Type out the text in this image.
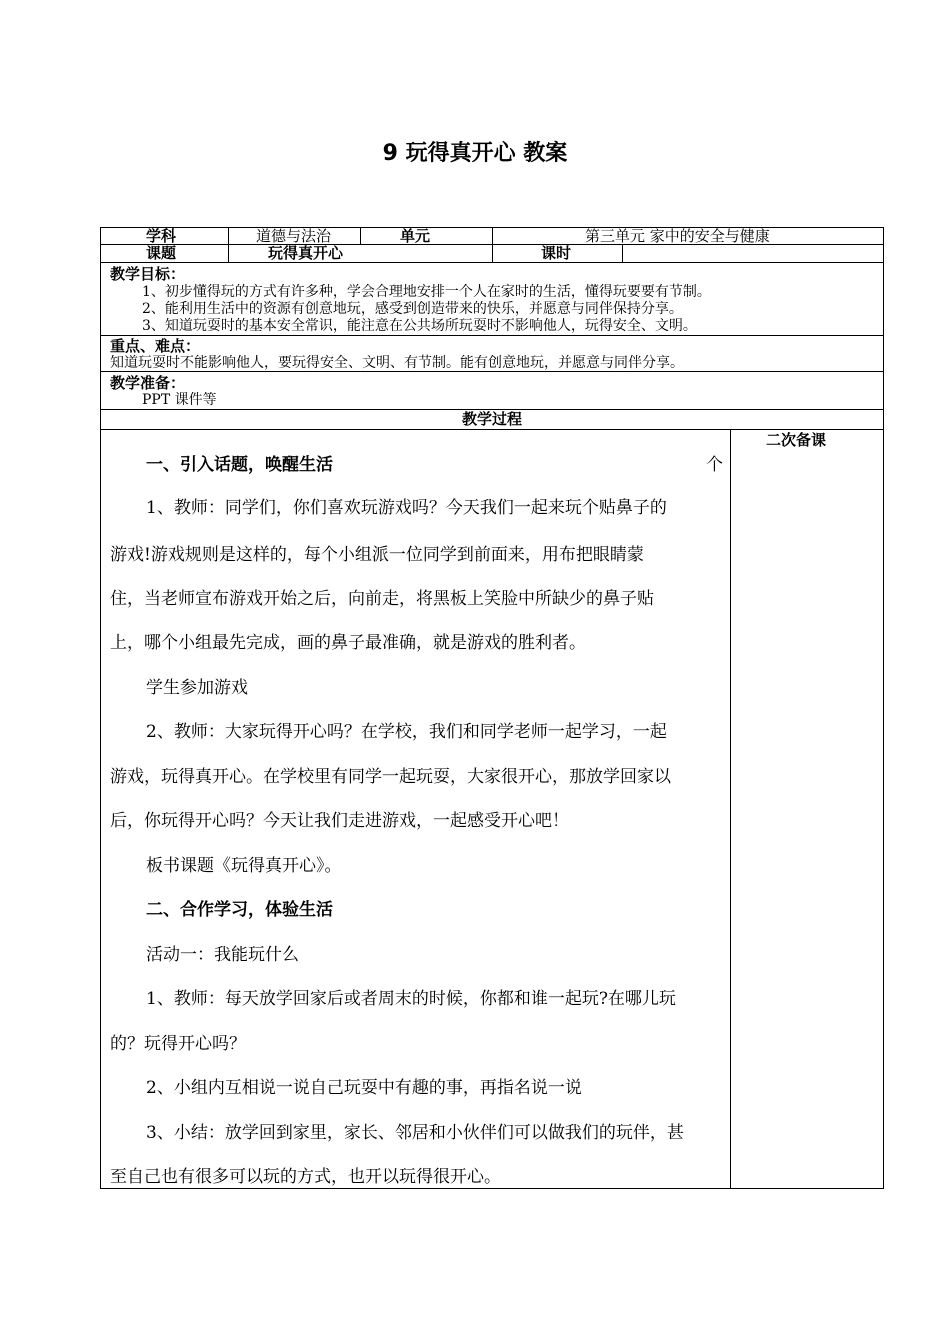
9 玩得真开心 教案
学科	道德与法治	单元	第三单元 家中的安全与健康
课题	玩得真开心	课时
教学目标：
1、初步懂得玩的方式有许多种，学会合理地安排一个人在家时的生活，懂得玩要要有节制。
2、能利用生活中的资源有创意地玩，感受到创造带来的快乐，并愿意与同伴保持分享。
3、知道玩耍时的基本安全常识，能注意在公共场所玩耍时不影响他人，玩得安全、文明。
重点、难点：
知道玩耍时不能影响他人，要玩得安全、文明、有节制。能有创意地玩，并愿意与同伴分享。
教学准备：
PPT 课件等
教学过程
二次备课
一、引入话题，唤醒生活	个
1、教师：同学们，你们喜欢玩游戏吗？今天我们一起来玩个贴鼻子的
游戏!游戏规则是这样的，每个小组派一位同学到前面来，用布把眼睛蒙
住，当老师宣布游戏开始之后，向前走，将黑板上笑脸中所缺少的鼻子贴
上，哪个小组最先完成，画的鼻子最准确，就是游戏的胜利者。
学生参加游戏
2、教师：大家玩得开心吗？在学校，我们和同学老师一起学习，一起
游戏，玩得真开心。在学校里有同学一起玩耍，大家很开心，那放学回家以
后，你玩得开心吗？今天让我们走进游戏，一起感受开心吧！
板书课题《玩得真开心》。
二、合作学习，体验生活
活动一：我能玩什么
1、教师：每天放学回家后或者周末的时候，你都和谁一起玩?在哪儿玩
的？玩得开心吗？
2、小组内互相说一说自己玩耍中有趣的事，再指名说一说
3、小结：放学回到家里，家长、邻居和小伙伴们可以做我们的玩伴，甚
至自己也有很多可以玩的方式，也开以玩得很开心。
